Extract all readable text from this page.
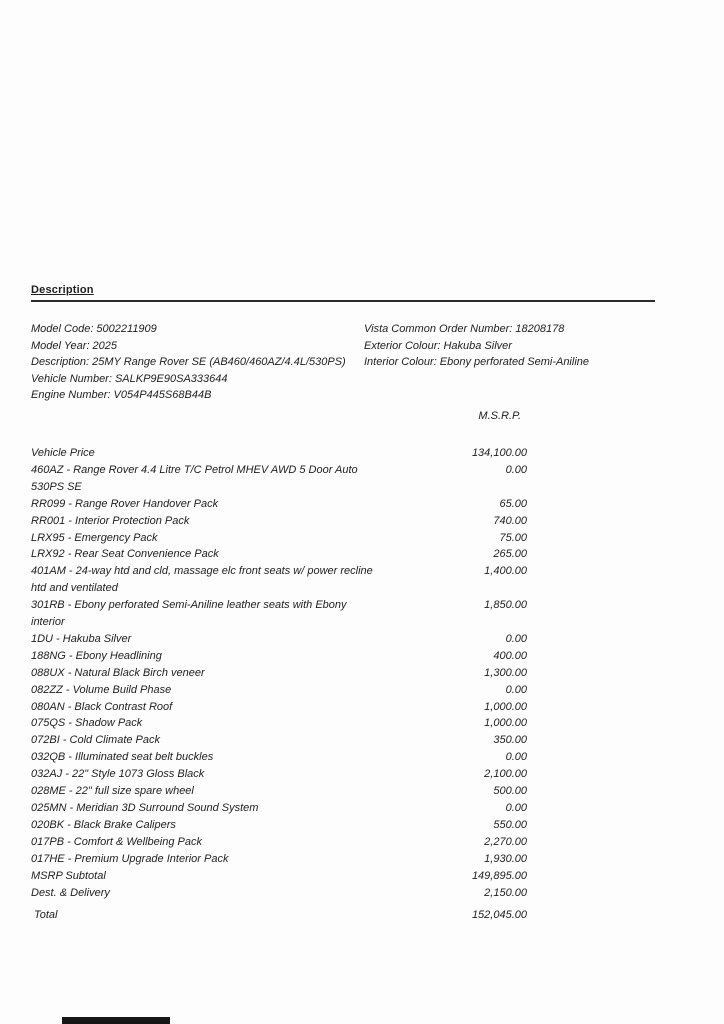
Description
Model Code: 5002211909
Model Year: 2025
Description: 25MY Range Rover SE (AB460/460AZ/4.4L/530PS)
Vehicle Number: SALKP9E90SA333644
Engine Number: V054P445S68B44B
Vista Common Order Number: 18208178
Exterior Colour: Hakuba Silver
Interior Colour: Ebony perforated Semi-Aniline
M.S.R.P.
Vehicle Price	134,100.00
460AZ - Range Rover 4.4 Litre T/C Petrol MHEV AWD 5 Door Auto 530PS SE
0.00
RR099 - Range Rover Handover Pack	65.00
RR001 - Interior Protection Pack	740.00
LRX95 - Emergency Pack	75.00
LRX92 - Rear Seat Convenience Pack	265.00
401AM - 24-way htd and cld, massage elc front seats w/ power recline htd and ventilated
1,400.00
301RB - Ebony perforated Semi-Aniline leather seats with Ebony interior
1,850.00
1DU - Hakuba Silver	0.00
188NG - Ebony Headlining	400.00
088UX - Natural Black Birch veneer	1,300.00
082ZZ - Volume Build Phase	0.00
080AN - Black Contrast Roof	1,000.00
075QS - Shadow Pack	1,000.00
072BI - Cold Climate Pack	350.00
032QB - Illuminated seat belt buckles	0.00
032AJ - 22" Style 1073 Gloss Black	2,100.00
028ME - 22" full size spare wheel	500.00
025MN - Meridian 3D Surround Sound System	0.00
020BK - Black Brake Calipers	550.00
017PB - Comfort & Wellbeing Pack	2,270.00
017HE - Premium Upgrade Interior Pack	1,930.00
MSRP Subtotal	149,895.00
Dest. & Delivery	2,150.00
Total	152,045.00
